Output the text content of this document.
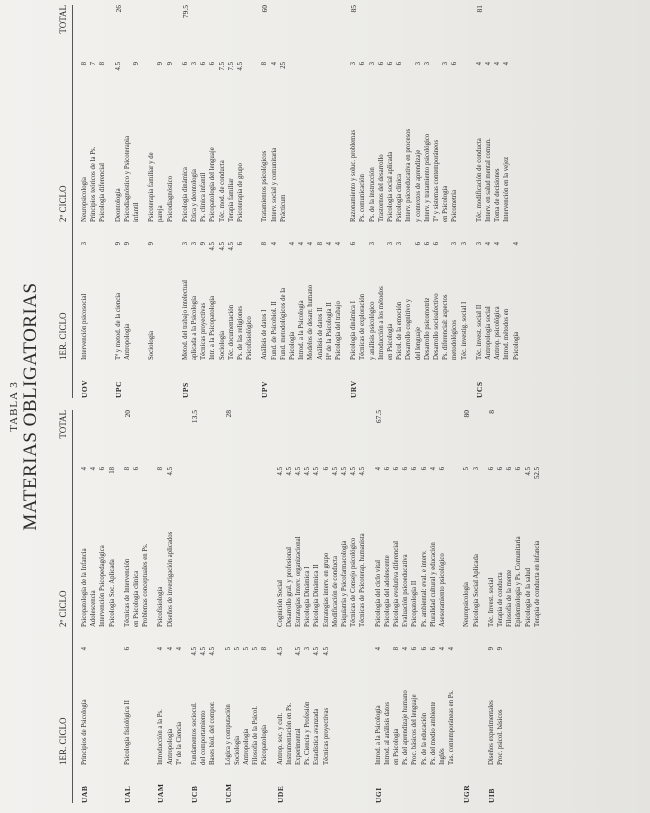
TABLA 3 MATERIAS OBLIGATORIAS
1ER. CICLO
2º CICLO
TOTAL
UAB
Principios de Psicología
4
Psicopatología de la Infancia
4
Adolescencia
4
Intervención Psicopedagógica
6
Psicología Soc. Aplicada
18
UAL
Psicología fisiológica II
6
Técnicas de Intervención
8
en Psicología clínica
6
Problemas conceptuales en Ps.
20
UAM
Introducción a la Ps.
4
Antropología
4
Tª de la Ciencia
4
Psicofisiología
8
Diseños de investigación aplicados
4.5
UCB
Fundamentos sociocul.
4.5
del comportamiento
4.5
Bases biol. del compor.
4.5
13.5
UCM
Lógica y computación
5
Sociología
5
Antropología
5
Filosofía de la Psicol.
5
Psicopatología
8
28
UDE
Antrop. soc. y cult.
4.5
Instrumentación en Ps. Experimental
4.5
Ps. Ciencia y Profesión
3
Estadística avanzada
4.5
Técnicas proyectivas
4.5
Cognición Social
4.5
Desarrollo gral. y profesional
4.5
Estrategias Interv. organizacional
4.5
Psicología Dinámica I
4.5
Psicología Dinámica II
4.5
Estrategias interv. en grupo
6
Modificación de conducta
4.5
Psiquiatría y Psicofarmacología
4.5
Técnicas de Consejo psicológico
4.5
Técnicas de Psicoterap. humanista
4.5
UGI
Introd. a la Psicología
4
Introd. al análisis datos en Psicología
8
Ps. del aprendizaje humano
4
Proc. básicos del lenguaje
6
Ps. de la educación
6
Ps. del medio ambiente
6
Inglés
4
Tas. contemporáneas en Ps.
4
Psicología del ciclo vital
4
Psicología del adolescente
6
Psicología evolutiva diferencial
6
Evaluación psicoeducativa
6
Psicopatología II
6
Ps. ambiental: eval. e interv.
6
Pluralidad cultural y educación
4
Asesoramiento psicológico
6
67.5
UGR
Neuropsicología
5
Psicología Social Aplicada
3
80
UIB
Diseños experimentales
9
Proc. psicol. básicos
9
Téc. Invest. social
6
Terapia de conducta
6
Filosofía de la mente
6
Epidemiología y Ps. Comunitaria
6
Psicología de la salud
4.5
Terapia de conducta en infancia
52.5
8
1ER. CICLO
2º CICLO
TOTAL
UOV
Intervención psicosocial
3
Neuropsicología
8
Principios teóricos de la Ps.
7
Psicología diferencial
8
UPC
Tª y metod. de la ciencia
9
Antropología
9
Deontología
4.5
Psicodiagnóstico y Psicoterapia infantil
9
26
Sociología
9
Psicoterapia familiar y de pareja
9
Psicodiagnóstico
9
UPS
Metod. del trabajo intelectual
3
aplicada a la Psicología
3
Técnicas proyectivas
9
Intr. a la Psicopatología
4.5
Sociología
4.5
Téc. documentación
4.5
Ps. de las religiones
6
Psicofisiológico
Psicología dinámica
6
Ética y deontología
3
Ps. clínica infantil
6
Psicopatología del lenguaje
6
Téc. mod. de conducta
7.5
Terapia familiar
7.5
Psicoterapia de grupo
4.5
79.5
UPV
Análisis de datos I
8
Fund. de Psicobiol. II
4
Fund. metodológicos de la Psicología
4
Introd. a la Psicología
4
Modelos de desarr. humano
4
Análisis de datos II
8
Hª de la Psicología II
4
Psicología del trabajo
4
Tratamientos psicológicos
8
Interv. social y comunitaria
4
Prácticum
25
60
URV
Psicología dinámica I
6
Técnicas de exploración y análisis psicológico
3
Introducción a los métodos en Psicología
3
Psicol. de la emoción
3
Desarrollo cognitivo y del lenguaje
6
Desarrollo psicomotriz
6
Desarrollo socioafectivo
6
Ps. diferencial: aspectos metodológicos
3
Téc. investig. social I
3
Razonamiento y soluc. problemas
3
Ps. comunicación
6
Ps. de la instrucción
3
Trastornos del desarrollo
6
Psicología social aplicada
6
Psicología clínica
6
Interv. psicoeducativa en procesos y contextos de aprendizaje
3
Interv. y tratamiento psicológico
3
Tª y sistemas contemporáneos en Psicología
3
Psicometría
6
85
UCS
Téc. invest. social II
3
Antropología social
4
Antrop. psicológica
4
Introd. métodos en Psicología
4
Téc. modificación de conducta
4
Interv. en salud mental comun.
4
Toma de decisiones
4
Intervención en la vejez
4
81
